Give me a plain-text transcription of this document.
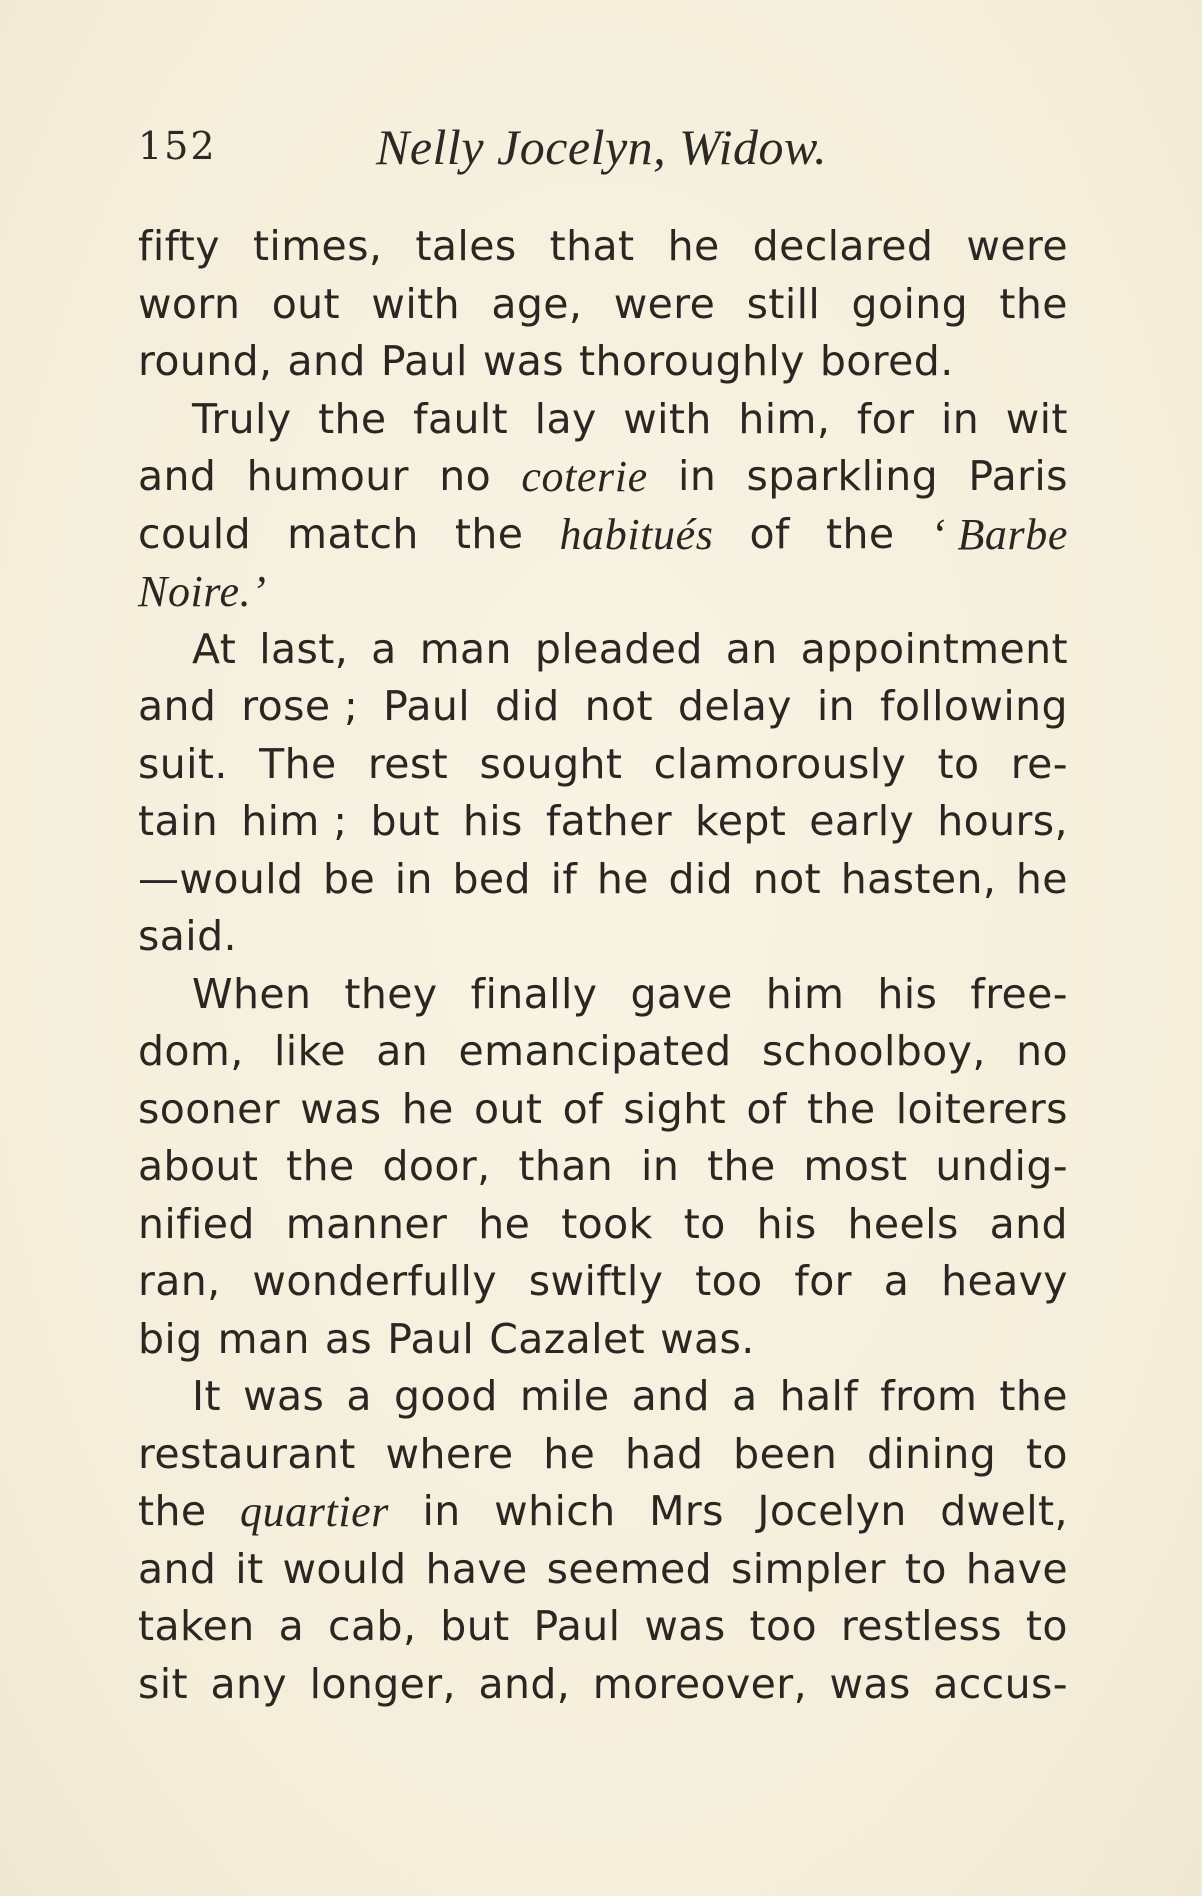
152	Nelly Jocelyn, Widow.
fifty times, tales that he declared were
worn out with age, were still going the
round, and Paul was thoroughly bored.
Truly the fault lay with him, for in wit
and humour no coterie in sparkling Paris
could match the habitués of the ‘ Barbe
Noire.’
At last, a man pleaded an appointment
and rose ; Paul did not delay in following
suit. The rest sought clamorously to re-
tain him ; but his father kept early hours,
—would be in bed if he did not hasten, he
said.
When they finally gave him his free-
dom, like an emancipated schoolboy, no
sooner was he out of sight of the loiterers
about the door, than in the most undig-
nified manner he took to his heels and
ran, wonderfully swiftly too for a heavy
big man as Paul Cazalet was.
It was a good mile and a half from the
restaurant where he had been dining to
the quartier in which Mrs Jocelyn dwelt,
and it would have seemed simpler to have
taken a cab, but Paul was too restless to
sit any longer, and, moreover, was accus-
